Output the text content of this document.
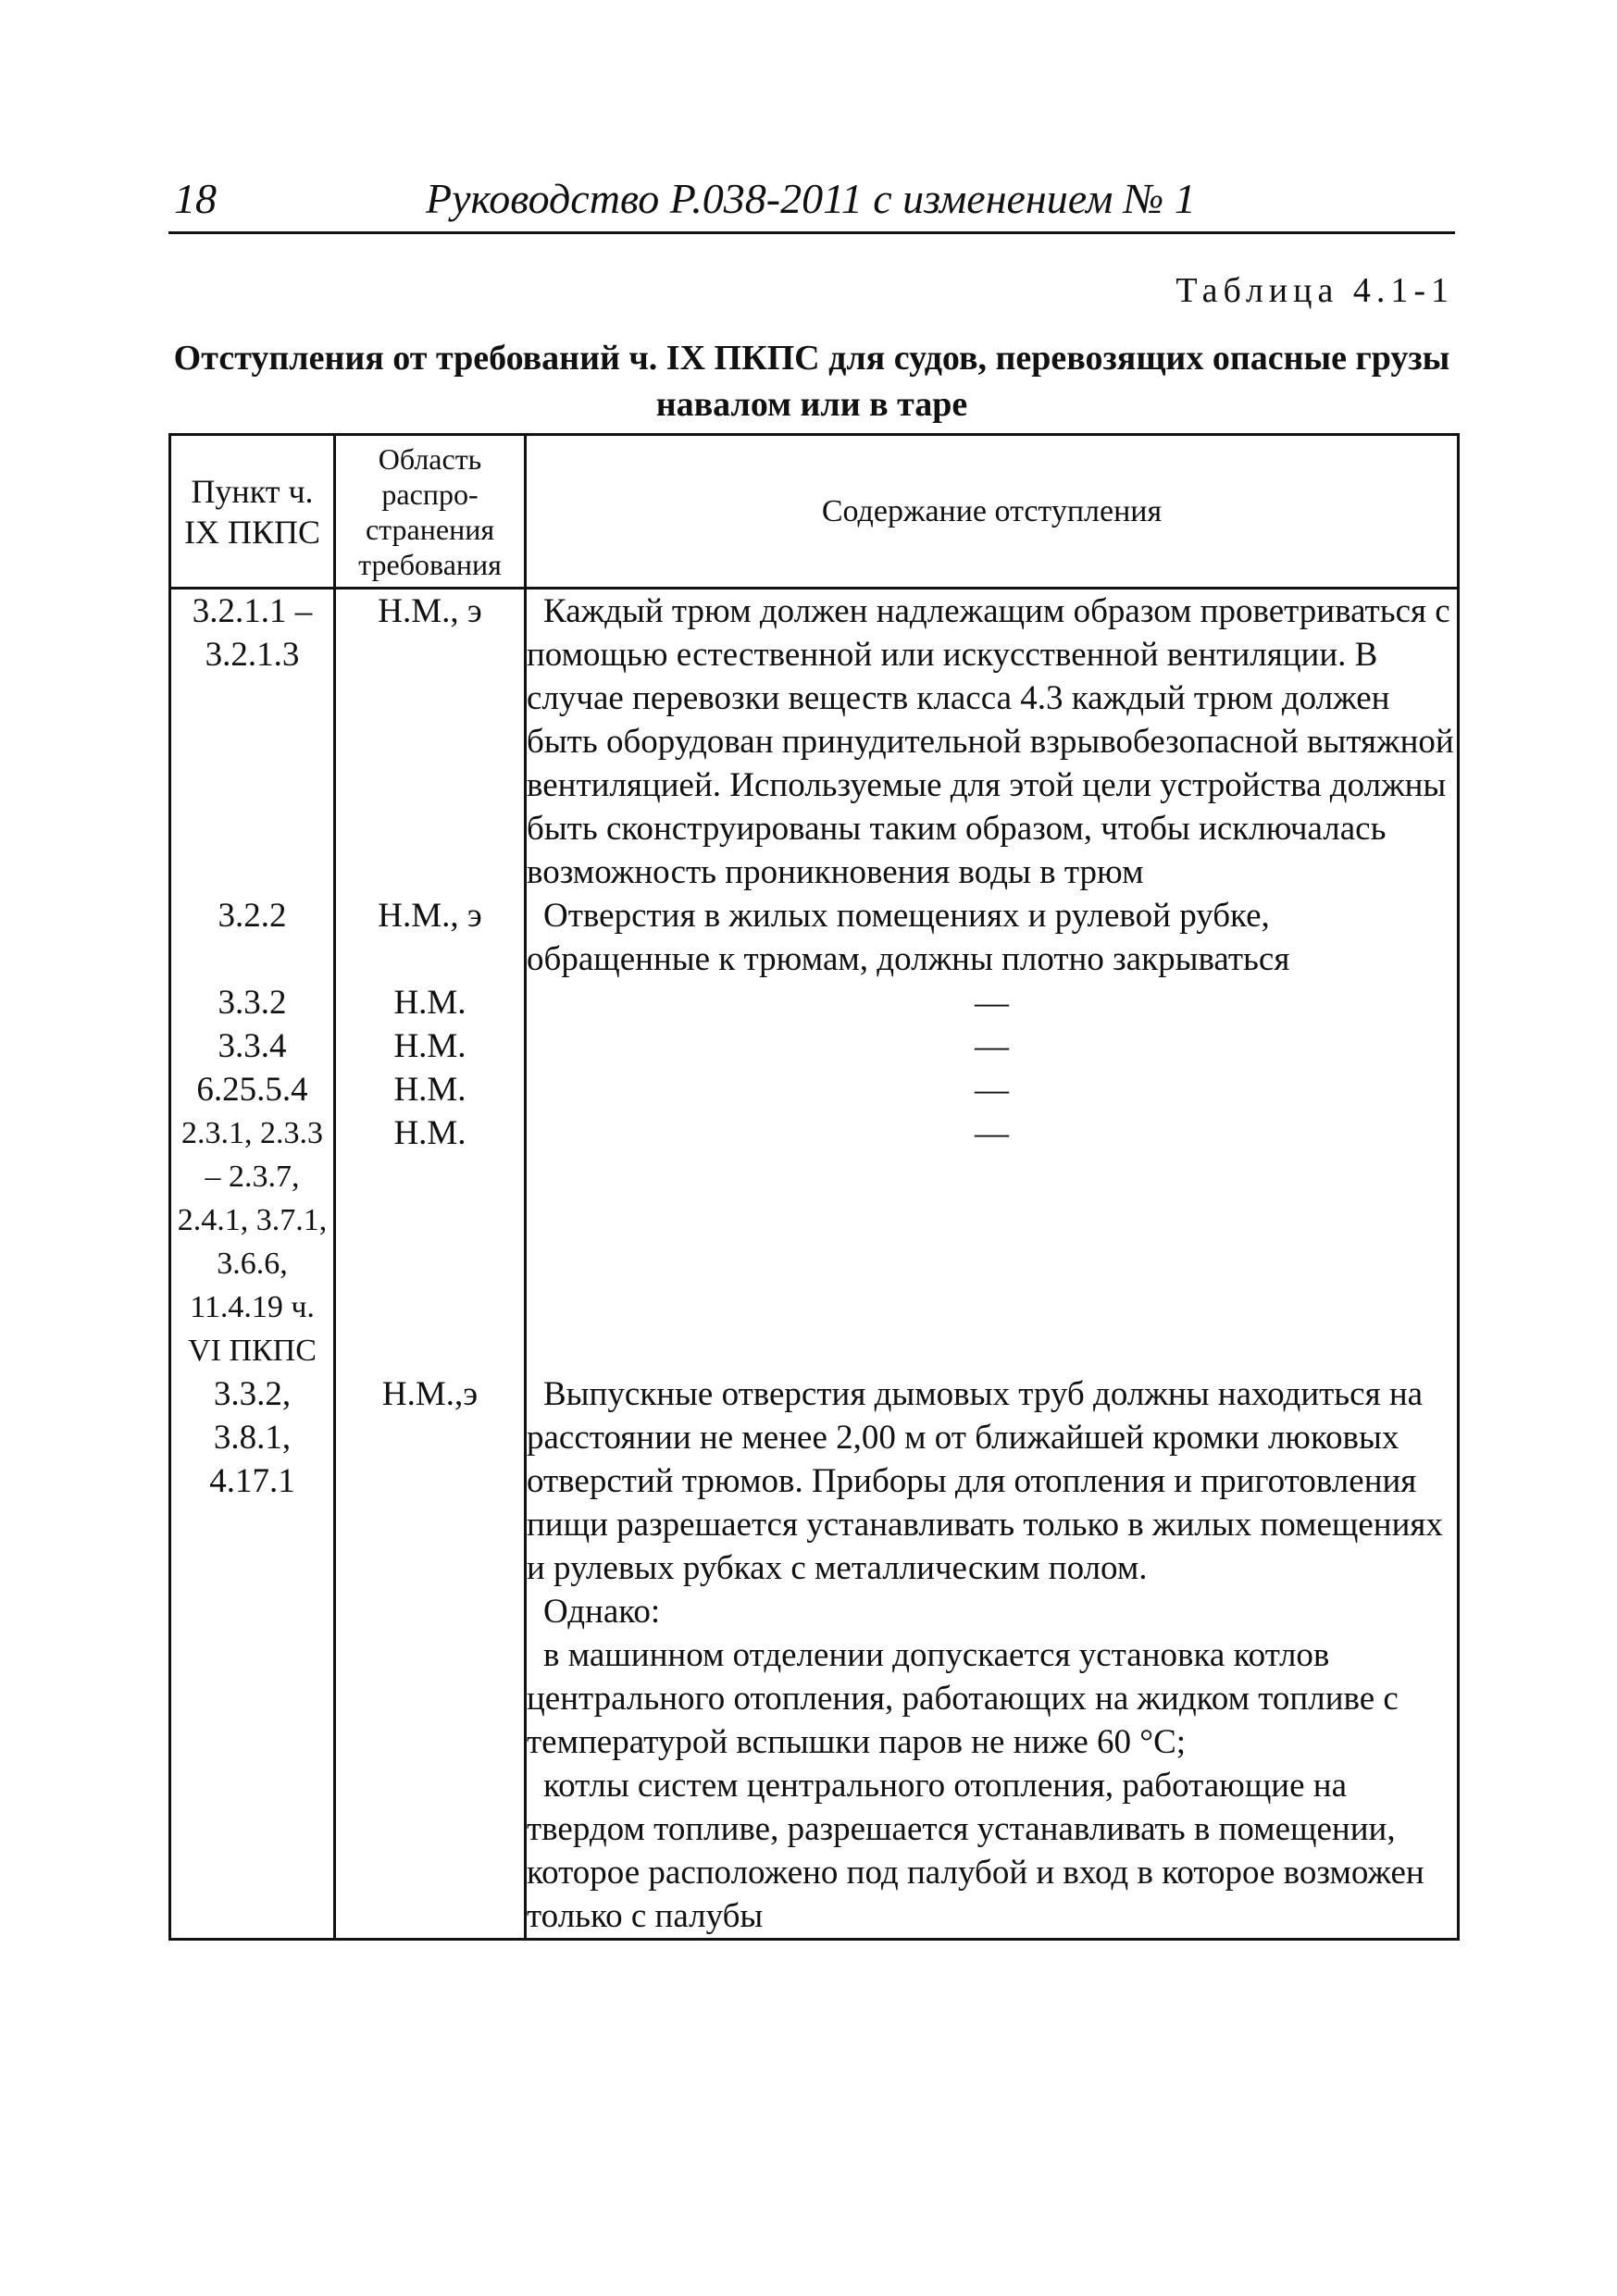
18	Руководство Р.038-2011 с изменением № 1
Таблица 4.1-1
Отступления от требований ч. IX ПКПС для судов, перевозящих опасные грузы навалом или в таре
Пункт ч. IX ПКПС	Область распро-странения требования	Содержание отступления
3.2.1.1 – 3.2.1.3	Н.М., э	Каждый трюм должен надлежащим образом проветриваться с помощью естественной или искусственной вентиляции. В случае перевозки веществ класса 4.3 каждый трюм должен быть оборудован принудительной взрывобезопасной вытяжной вентиляцией. Используемые для этой цели устройства должны быть сконструированы таким образом, чтобы исключалась возможность проникновения воды в трюм

3.2.2	Н.М., э	Отверстия в жилых помещениях и рулевой рубке, обращенные к трюмам, должны плотно закрываться

3.3.2	Н.М.	—

3.3.4	Н.М.	—

6.25.5.4	Н.М.	—

2.3.1, 2.3.3 – 2.3.7, 2.4.1, 3.7.1, 3.6.6, 11.4.19 ч. VI ПКПС	Н.М.	—

3.3.2, 3.8.1, 4.17.1	Н.М.,э	Выпускные отверстия дымовых труб должны находиться на расстоянии не менее 2,00 м от ближайшей кромки люковых отверстий трюмов. Приборы для отопления и приготовления пищи разрешается устанавливать только в жилых помещениях и рулевых рубках с металлическим полом.
Однако:
в машинном отделении допускается установка котлов центрального отопления, работающих на жидком топливе с температурой вспышки паров не ниже 60 °C;
котлы систем центрального отопления, работающие на твердом топливе, разрешается устанавливать в помещении, которое расположено под палубой и вход в которое возможен только с палубы
